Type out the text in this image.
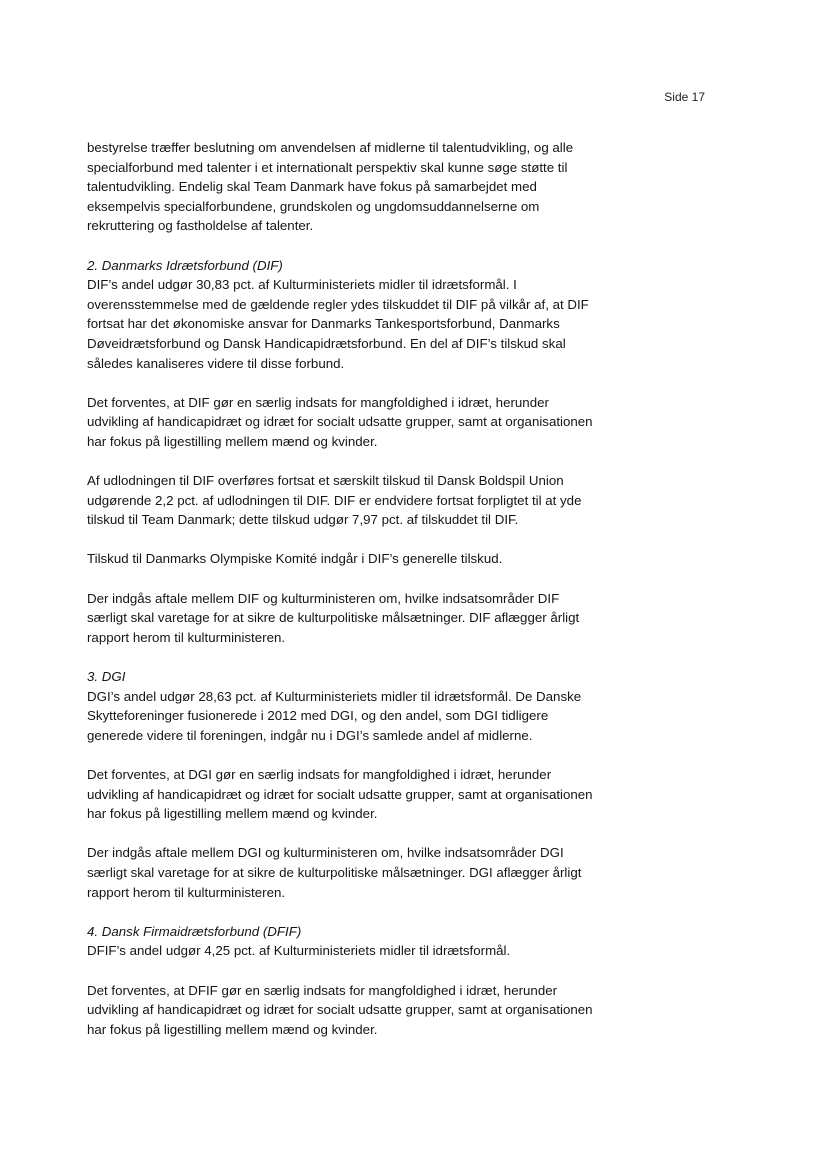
Side 17
bestyrelse træffer beslutning om anvendelsen af midlerne til talentudvikling, og alle
specialforbund med talenter i et internationalt perspektiv skal kunne søge støtte til
talentudvikling. Endelig skal Team Danmark have fokus på samarbejdet med
eksempelvis specialforbundene, grundskolen og ungdomsuddannelserne om
rekruttering og fastholdelse af talenter.
2. Danmarks Idrætsforbund (DIF)
DIF’s andel udgør 30,83 pct. af Kulturministeriets midler til idrætsformål. I
overensstemmelse med de gældende regler ydes tilskuddet til DIF på vilkår af, at DIF
fortsat har det økonomiske ansvar for Danmarks Tankesportsforbund, Danmarks
Døveidrætsforbund og Dansk Handicapidrætsforbund. En del af DIF’s tilskud skal
således kanaliseres videre til disse forbund.
Det forventes, at DIF gør en særlig indsats for mangfoldighed i idræt, herunder
udvikling af handicapidræt og idræt for socialt udsatte grupper, samt at organisationen
har fokus på ligestilling mellem mænd og kvinder.
Af udlodningen til DIF overføres fortsat et særskilt tilskud til Dansk Boldspil Union
udgørende 2,2 pct. af udlodningen til DIF. DIF er endvidere fortsat forpligtet til at yde
tilskud til Team Danmark; dette tilskud udgør 7,97 pct. af tilskuddet til DIF.
Tilskud til Danmarks Olympiske Komité indgår i DIF’s generelle tilskud.
Der indgås aftale mellem DIF og kulturministeren om, hvilke indsatsområder DIF
særligt skal varetage for at sikre de kulturpolitiske målsætninger. DIF aflægger årligt
rapport herom til kulturministeren.
3. DGI
DGI’s andel udgør 28,63 pct. af Kulturministeriets midler til idrætsformål. De Danske
Skytteforeninger fusionerede i 2012 med DGI, og den andel, som DGI tidligere
generede videre til foreningen, indgår nu i DGI’s samlede andel af midlerne.
Det forventes, at DGI gør en særlig indsats for mangfoldighed i idræt, herunder
udvikling af handicapidræt og idræt for socialt udsatte grupper, samt at organisationen
har fokus på ligestilling mellem mænd og kvinder.
Der indgås aftale mellem DGI og kulturministeren om, hvilke indsatsområder DGI
særligt skal varetage for at sikre de kulturpolitiske målsætninger. DGI aflægger årligt
rapport herom til kulturministeren.
4. Dansk Firmaidrætsforbund (DFIF)
DFIF’s andel udgør 4,25 pct. af Kulturministeriets midler til idrætsformål.
Det forventes, at DFIF gør en særlig indsats for mangfoldighed i idræt, herunder
udvikling af handicapidræt og idræt for socialt udsatte grupper, samt at organisationen
har fokus på ligestilling mellem mænd og kvinder.
